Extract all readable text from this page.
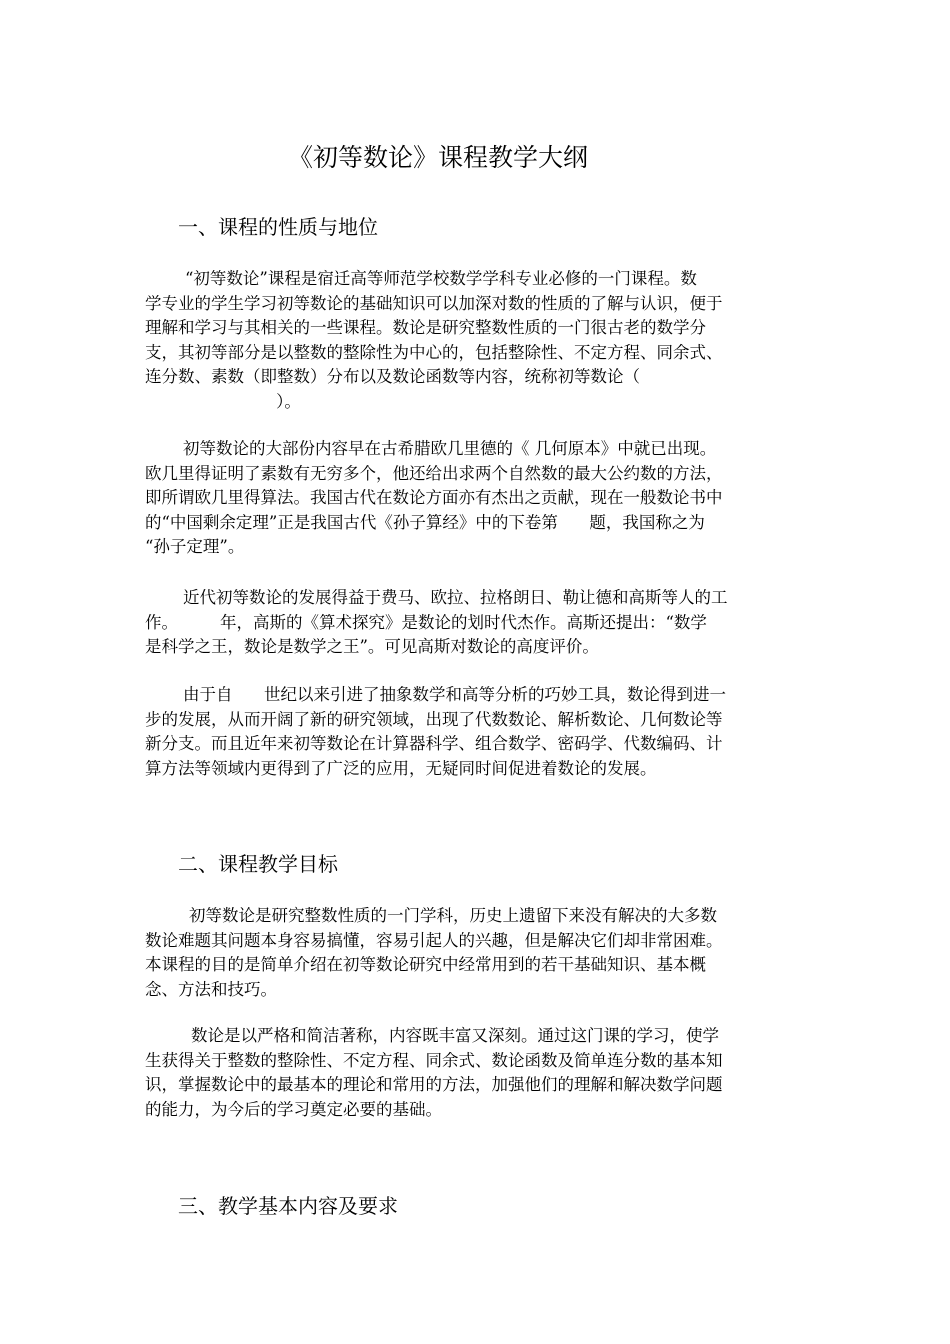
《初等数论》课程教学大纲
一、课程的性质与地位

“初等数论”课程是宿迁高等师范学校数学学科专业必修的一门课程。数
学专业的学生学习初等数论的基础知识可以加深对数的性质的了解与认识，便于
理解和学习与其相关的一些课程。数论是研究整数性质的一门很古老的数学分
支，其初等部分是以整数的整除性为中心的，包括整除性、不定方程、同余式、
连分数、素数（即整数）分布以及数论函数等内容，统称初等数论（
）。

初等数论的大部份内容早在古希腊欧几里德的《 几何原本》中就已出现。
欧几里得证明了素数有无穷多个，他还给出求两个自然数的最大公约数的方法，
即所谓欧几里得算法。我国古代在数论方面亦有杰出之贡献，现在一般数论书中
的“中国剩余定理”正是我国古代《孙子算经》中的下卷第      题，我国称之为
“孙子定理”。

近代初等数论的发展得益于费马、欧拉、拉格朗日、勒让德和高斯等人的工
作。        年，高斯的《算术探究》是数论的划时代杰作。高斯还提出：“数学
是科学之王，数论是数学之王”。可见高斯对数论的高度评价。

由于自      世纪以来引进了抽象数学和高等分析的巧妙工具，数论得到进一
步的发展，从而开阔了新的研究领域，出现了代数数论、解析数论、几何数论等
新分支。而且近年来初等数论在计算器科学、组合数学、密码学、代数编码、计
算方法等领域内更得到了广泛的应用，无疑同时间促进着数论的发展。

二、课程教学目标

初等数论是研究整数性质的一门学科，历史上遗留下来没有解决的大多数
数论难题其问题本身容易搞懂，容易引起人的兴趣，但是解决它们却非常困难。
本课程的目的是简单介绍在初等数论研究中经常用到的若干基础知识、基本概
念、方法和技巧。

数论是以严格和简洁著称，内容既丰富又深刻。通过这门课的学习，使学
生获得关于整数的整除性、不定方程、同余式、数论函数及简单连分数的基本知
识，掌握数论中的最基本的理论和常用的方法，加强他们的理解和解决数学问题
的能力，为今后的学习奠定必要的基础。

三、教学基本内容及要求
